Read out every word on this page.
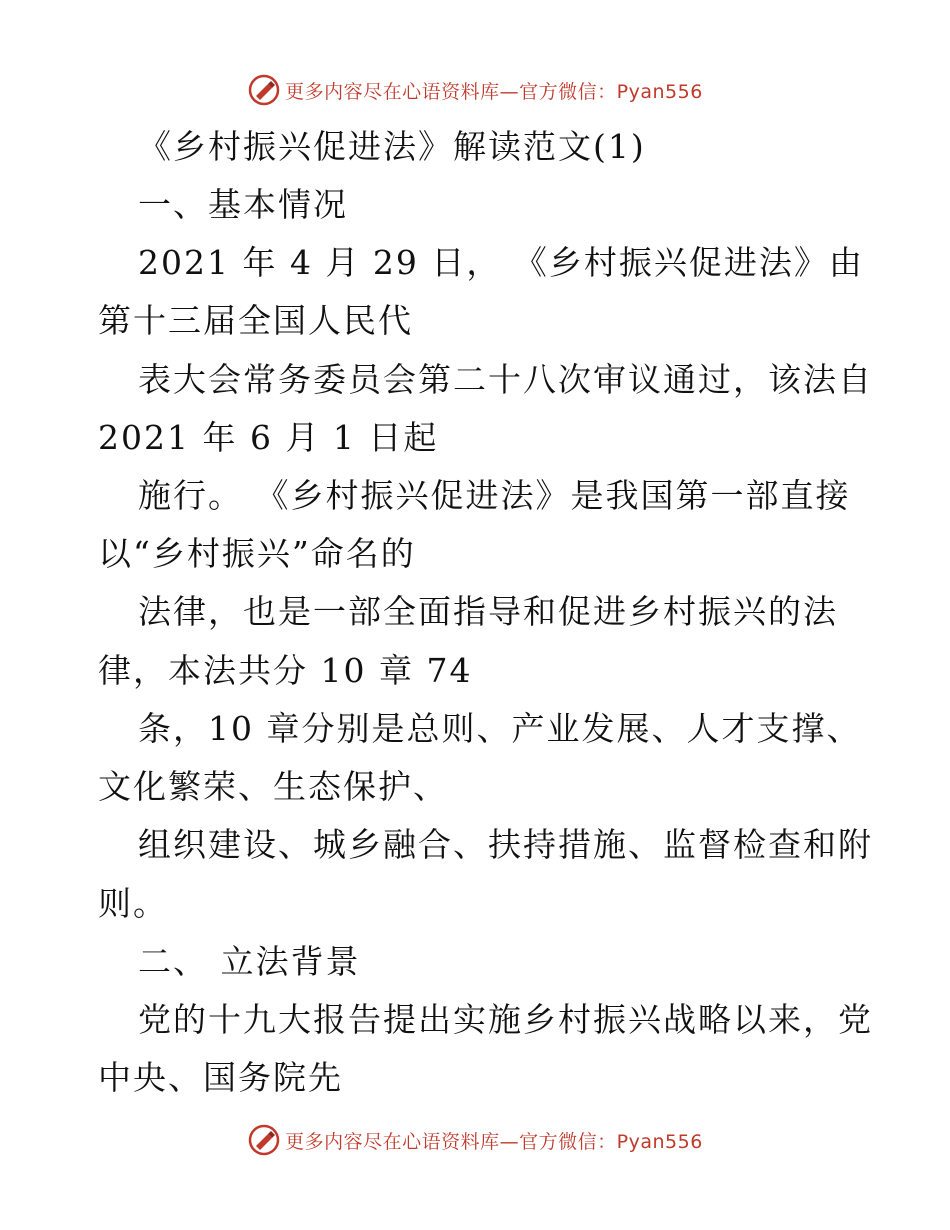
更多内容尽在心语资料库—官方微信：Pyan556

《乡村振兴促进法》解读范文(1)

一、基本情况

2021 年 4 月 29 日， 《乡村振兴促进法》由

第十三届全国人民代

表大会常务委员会第二十八次审议通过，该法自

2021 年 6 月 1 日起

施行。 《乡村振兴促进法》是我国第一部直接

以“乡村振兴”命名的

法律，也是一部全面指导和促进乡村振兴的法

律，本法共分 10 章 74

条，10 章分别是总则、产业发展、人才支撑、

文化繁荣、生态保护、

组织建设、城乡融合、扶持措施、监督检查和附

则。

二、 立法背景

党的十九大报告提出实施乡村振兴战略以来，党

中央、国务院先

更多内容尽在心语资料库—官方微信：Pyan556
